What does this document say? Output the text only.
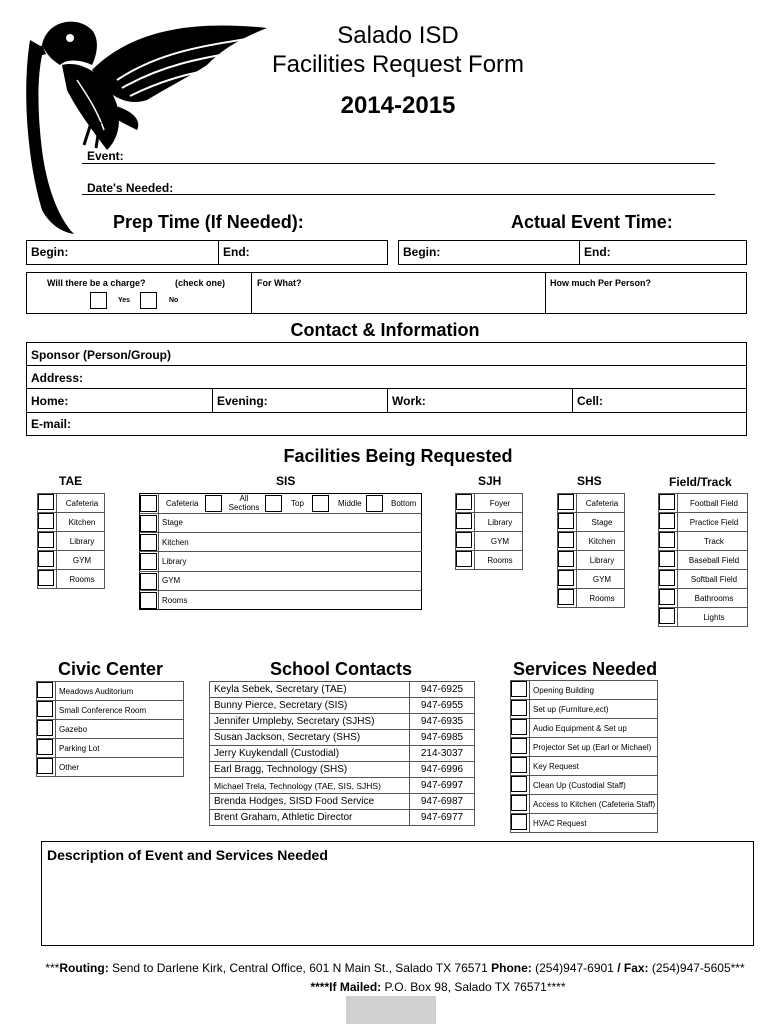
Salado ISD
Facilities Request Form
2014-2015
Event:
Date's Needed:
Prep Time (If Needed):	Actual Event Time:
Begin:	End:	Begin:	End:
Will there be a charge?	(check one)
Yes	No
For What?	How much Per Person?
Contact & Information
Sponsor (Person/Group)
Address:
Home:	Evening:	Work:	Cell:
E-mail:
Facilities Being Requested
TAE
	Cafeteria

	Kitchen

	Library

	GYM

	Rooms
SIS
Cafeteria
All Sections	Top	Middle	Bottom
Stage
Kitchen
Library
GYM
Rooms
SJH
	Foyer

	Library

	GYM

	Rooms
SHS
	Cafeteria

	Stage

	Kitchen

	Library

	GYM

	Rooms
Field/Track
	Football Field

	Practice Field

	Track

	Baseball Field

	Softball Field

	Bathrooms

	Lights
Civic Center
	Meadows Auditorium

	Small Conference Room

	Gazebo

	Parking Lot

	Other
School Contacts
Keyla Sebek, Secretary (TAE)	947-6925
Bunny Pierce, Secretary (SIS)	947-6955
Jennifer Umpleby, Secretary (SJHS)	947-6935
Susan Jackson, Secretary (SHS)	947-6985
Jerry Kuykendall (Custodial)	214-3037
Earl Bragg, Technology (SHS)	947-6996
Michael Trela, Technology (TAE, SIS, SJHS)	947-6997
Brenda Hodges, SISD Food Service	947-6987
Brent Graham, Athletic Director	947-6977
Services Needed
	Opening Building

	Set up (Furniture,ect)

	Audio Equipment & Set up

	Projector Set up (Earl or Michael)

	Key Request

	Clean Up (Custodial Staff)

	Access to Kitchen (Cafeteria Staff)

	HVAC Request
Description of Event and Services Needed
***Routing: Send to Darlene Kirk, Central Office, 601 N Main St., Salado TX 76571 Phone: (254)947-6901 / Fax: (254)947-5605***
****If Mailed: P.O. Box 98, Salado TX 76571****
